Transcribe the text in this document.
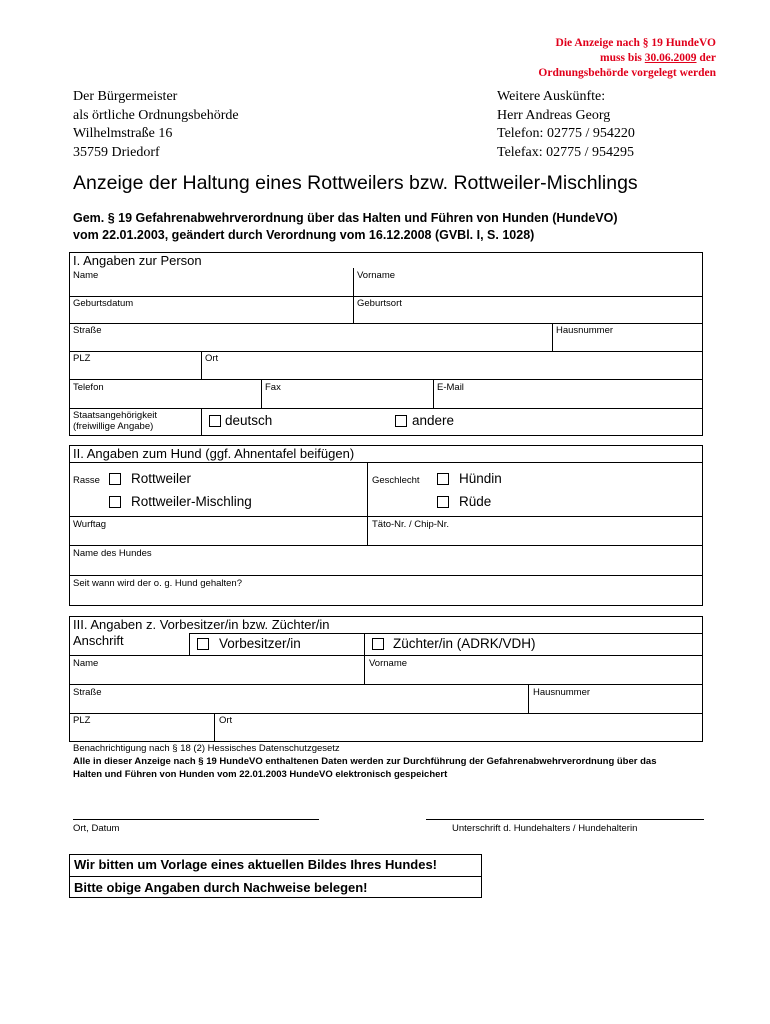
Die Anzeige nach § 19 HundeVO
muss bis 30.06.2009 der
Ordnungsbehörde vorgelegt werden
Der Bürgermeister
als örtliche Ordnungsbehörde
Wilhelmstraße 16
35759 Driedorf
Weitere Auskünfte:
Herr Andreas Georg
Telefon: 02775 / 954220
Telefax: 02775 / 954295
Anzeige der Haltung eines Rottweilers bzw. Rottweiler-Mischlings
Gem. § 19 Gefahrenabwehrverordnung über das Halten und Führen von Hunden (HundeVO)
vom 22.01.2003, geändert durch Verordnung vom 16.12.2008 (GVBl. I, S. 1028)
I. Angaben zur Person
Name	Vorname
Geburtsdatum	Geburtsort
Straße	Hausnummer
PLZ	Ort
Telefon	Fax	E-Mail
Staatsangehörigkeit
(freiwillige Angabe)	deutsch	andere
II. Angaben zum Hund (ggf. Ahnentafel beifügen)
Rasse Rottweiler
Rottweiler-Mischling
Geschlecht	Hündin
Rüde
Wurftag	Täto-Nr. / Chip-Nr.
Name des Hundes
Seit wann wird der o. g. Hund gehalten?
III. Angaben z. Vorbesitzer/in bzw. Züchter/in
Anschrift	Vorbesitzer/in	Züchter/in (ADRK/VDH)
Name	Vorname
Straße	Hausnummer
PLZ	Ort
Benachrichtigung nach § 18 (2) Hessisches Datenschutzgesetz
Alle in dieser Anzeige nach § 19 HundeVO enthaltenen Daten werden zur Durchführung der Gefahrenabwehrverordnung über das
Halten und Führen von Hunden vom 22.01.2003 HundeVO elektronisch gespeichert
Ort, Datum	Unterschrift d. Hundehalters / Hundehalterin
Wir bitten um Vorlage eines aktuellen Bildes Ihres Hundes!
Bitte obige Angaben durch Nachweise belegen!
